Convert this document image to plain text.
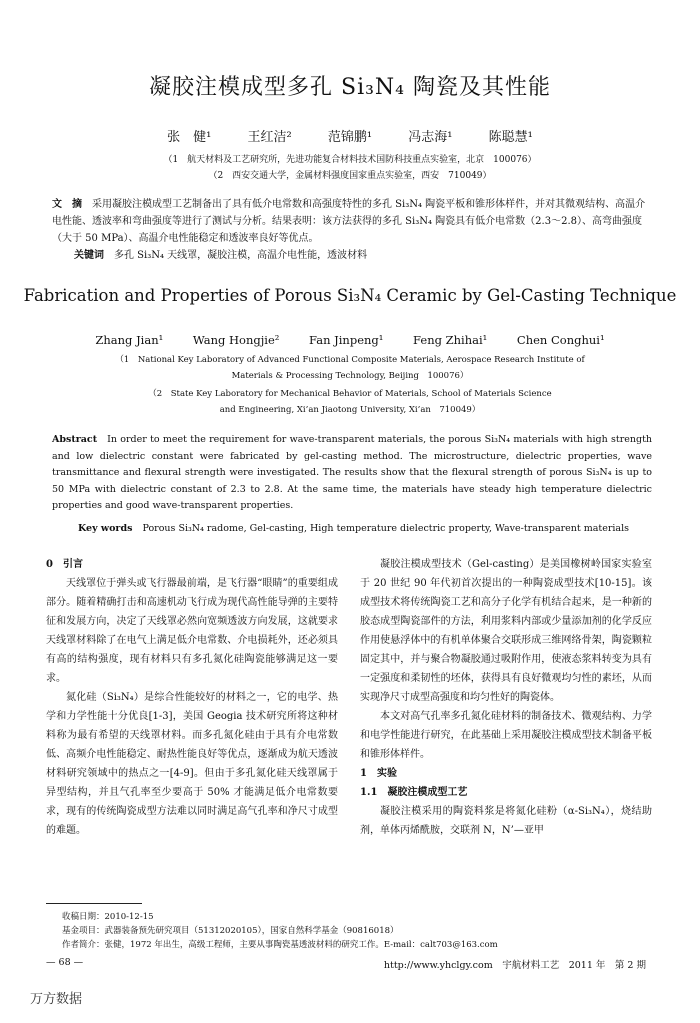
凝胶注模成型多孔 Si₃N₄ 陶瓷及其性能
张　健¹	王红洁²	范锦鹏¹	冯志海¹	陈聪慧¹
（1　航天材料及工艺研究所，先进功能复合材料技术国防科技重点实验室，北京　100076）
（2　西安交通大学，金属材料强度国家重点实验室，西安　710049）
文　摘 采用凝胶注模成型工艺制备出了具有低介电常数和高强度特性的多孔 Si₃N₄ 陶瓷平板和锥形体样件，并对其微观结构、高温介电性能、透波率和弯曲强度等进行了测试与分析。结果表明：该方法获得的多孔 Si₃N₄ 陶瓷具有低介电常数（2.3～2.8）、高弯曲强度（大于 50 MPa）、高温介电性能稳定和透波率良好等优点。
关键词 多孔 Si₃N₄ 天线罩，凝胶注模，高温介电性能，透波材料
Fabrication and Properties of Porous Si₃N₄ Ceramic by Gel-Casting Technique
Zhang Jian¹	Wang Hongjie²	Fan Jinpeng¹	Feng Zhihai¹	Chen Conghui¹
（1　National Key Laboratory of Advanced Functional Composite Materials, Aerospace Research Institute of
Materials & Processing Technology, Beijing　100076）
（2　State Key Laboratory for Mechanical Behavior of Materials, School of Materials Science
and Engineering, Xi’an Jiaotong University, Xi’an　710049）
Abstract In order to meet the requirement for wave-transparent materials, the porous Si₃N₄ materials with high strength and low dielectric constant were fabricated by gel-casting method. The microstructure, dielectric properties, wave transmittance and flexural strength were investigated. The results show that the flexural strength of porous Si₃N₄ is up to 50 MPa with dielectric constant of 2.3 to 2.8. At the same time, the materials have steady high temperature dielectric properties and good wave-transparent properties.
Key words Porous Si₃N₄ radome, Gel-casting, High temperature dielectric property, Wave-transparent materials

0　引言

天线罩位于弹头或飞行器最前端，是飞行器“眼睛”的重要组成部分。随着精确打击和高速机动飞行成为现代高性能导弹的主要特征和发展方向，决定了天线罩必然向宽频透波方向发展，这就要求天线罩材料除了在电气上满足低介电常数、介电损耗外，还必须具有高的结构强度，现有材料只有多孔氮化硅陶瓷能够满足这一要求。

氮化硅（Si₃N₄）是综合性能较好的材料之一，它的电学、热学和力学性能十分优良[1-3]，美国 Geogia 技术研究所将这种材料称为最有希望的天线罩材料。而多孔氮化硅由于具有介电常数低、高频介电性能稳定、耐热性能良好等优点，逐渐成为航天透波材料研究领域中的热点之一[4-9]。但由于多孔氮化硅天线罩属于异型结构，并且气孔率至少要高于 50% 才能满足低介电常数要求，现有的传统陶瓷成型方法难以同时满足高气孔率和净尺寸成型的难题。

凝胶注模成型技术（Gel-casting）是美国橡树岭国家实验室于 20 世纪 90 年代初首次提出的一种陶瓷成型技术[10-15]。该成型技术将传统陶瓷工艺和高分子化学有机结合起来，是一种新的胶态成型陶瓷部件的方法，利用浆料内部或少量添加剂的化学反应作用使悬浮体中的有机单体聚合交联形成三维网络骨架，陶瓷颗粒固定其中，并与聚合物凝胶通过吸附作用，使液态浆料转变为具有一定强度和柔韧性的坯体，获得具有良好微观均匀性的素坯，从而实现净尺寸成型高强度和均匀性好的陶瓷体。

本文对高气孔率多孔氮化硅材料的制备技术、微观结构、力学和电学性能进行研究，在此基础上采用凝胶注模成型技术制备平板和锥形体样件。

1　实验

1.1　凝胶注模成型工艺

凝胶注模采用的陶瓷料浆是将氮化硅粉（α-Si₃N₄），烧结助剂，单体丙烯酰胺，交联剂 N，N’—亚甲

收稿日期：2010-12-15
基金项目：武器装备预先研究项目（51312020105），国家自然科学基金（90816018）
作者简介：张健，1972 年出生，高级工程师，主要从事陶瓷基透波材料的研究工作。E-mail：calt703@163.com
— 68 —	http://www.yhclgy.com　宇航材料工艺　2011 年　第 2 期
万方数据
